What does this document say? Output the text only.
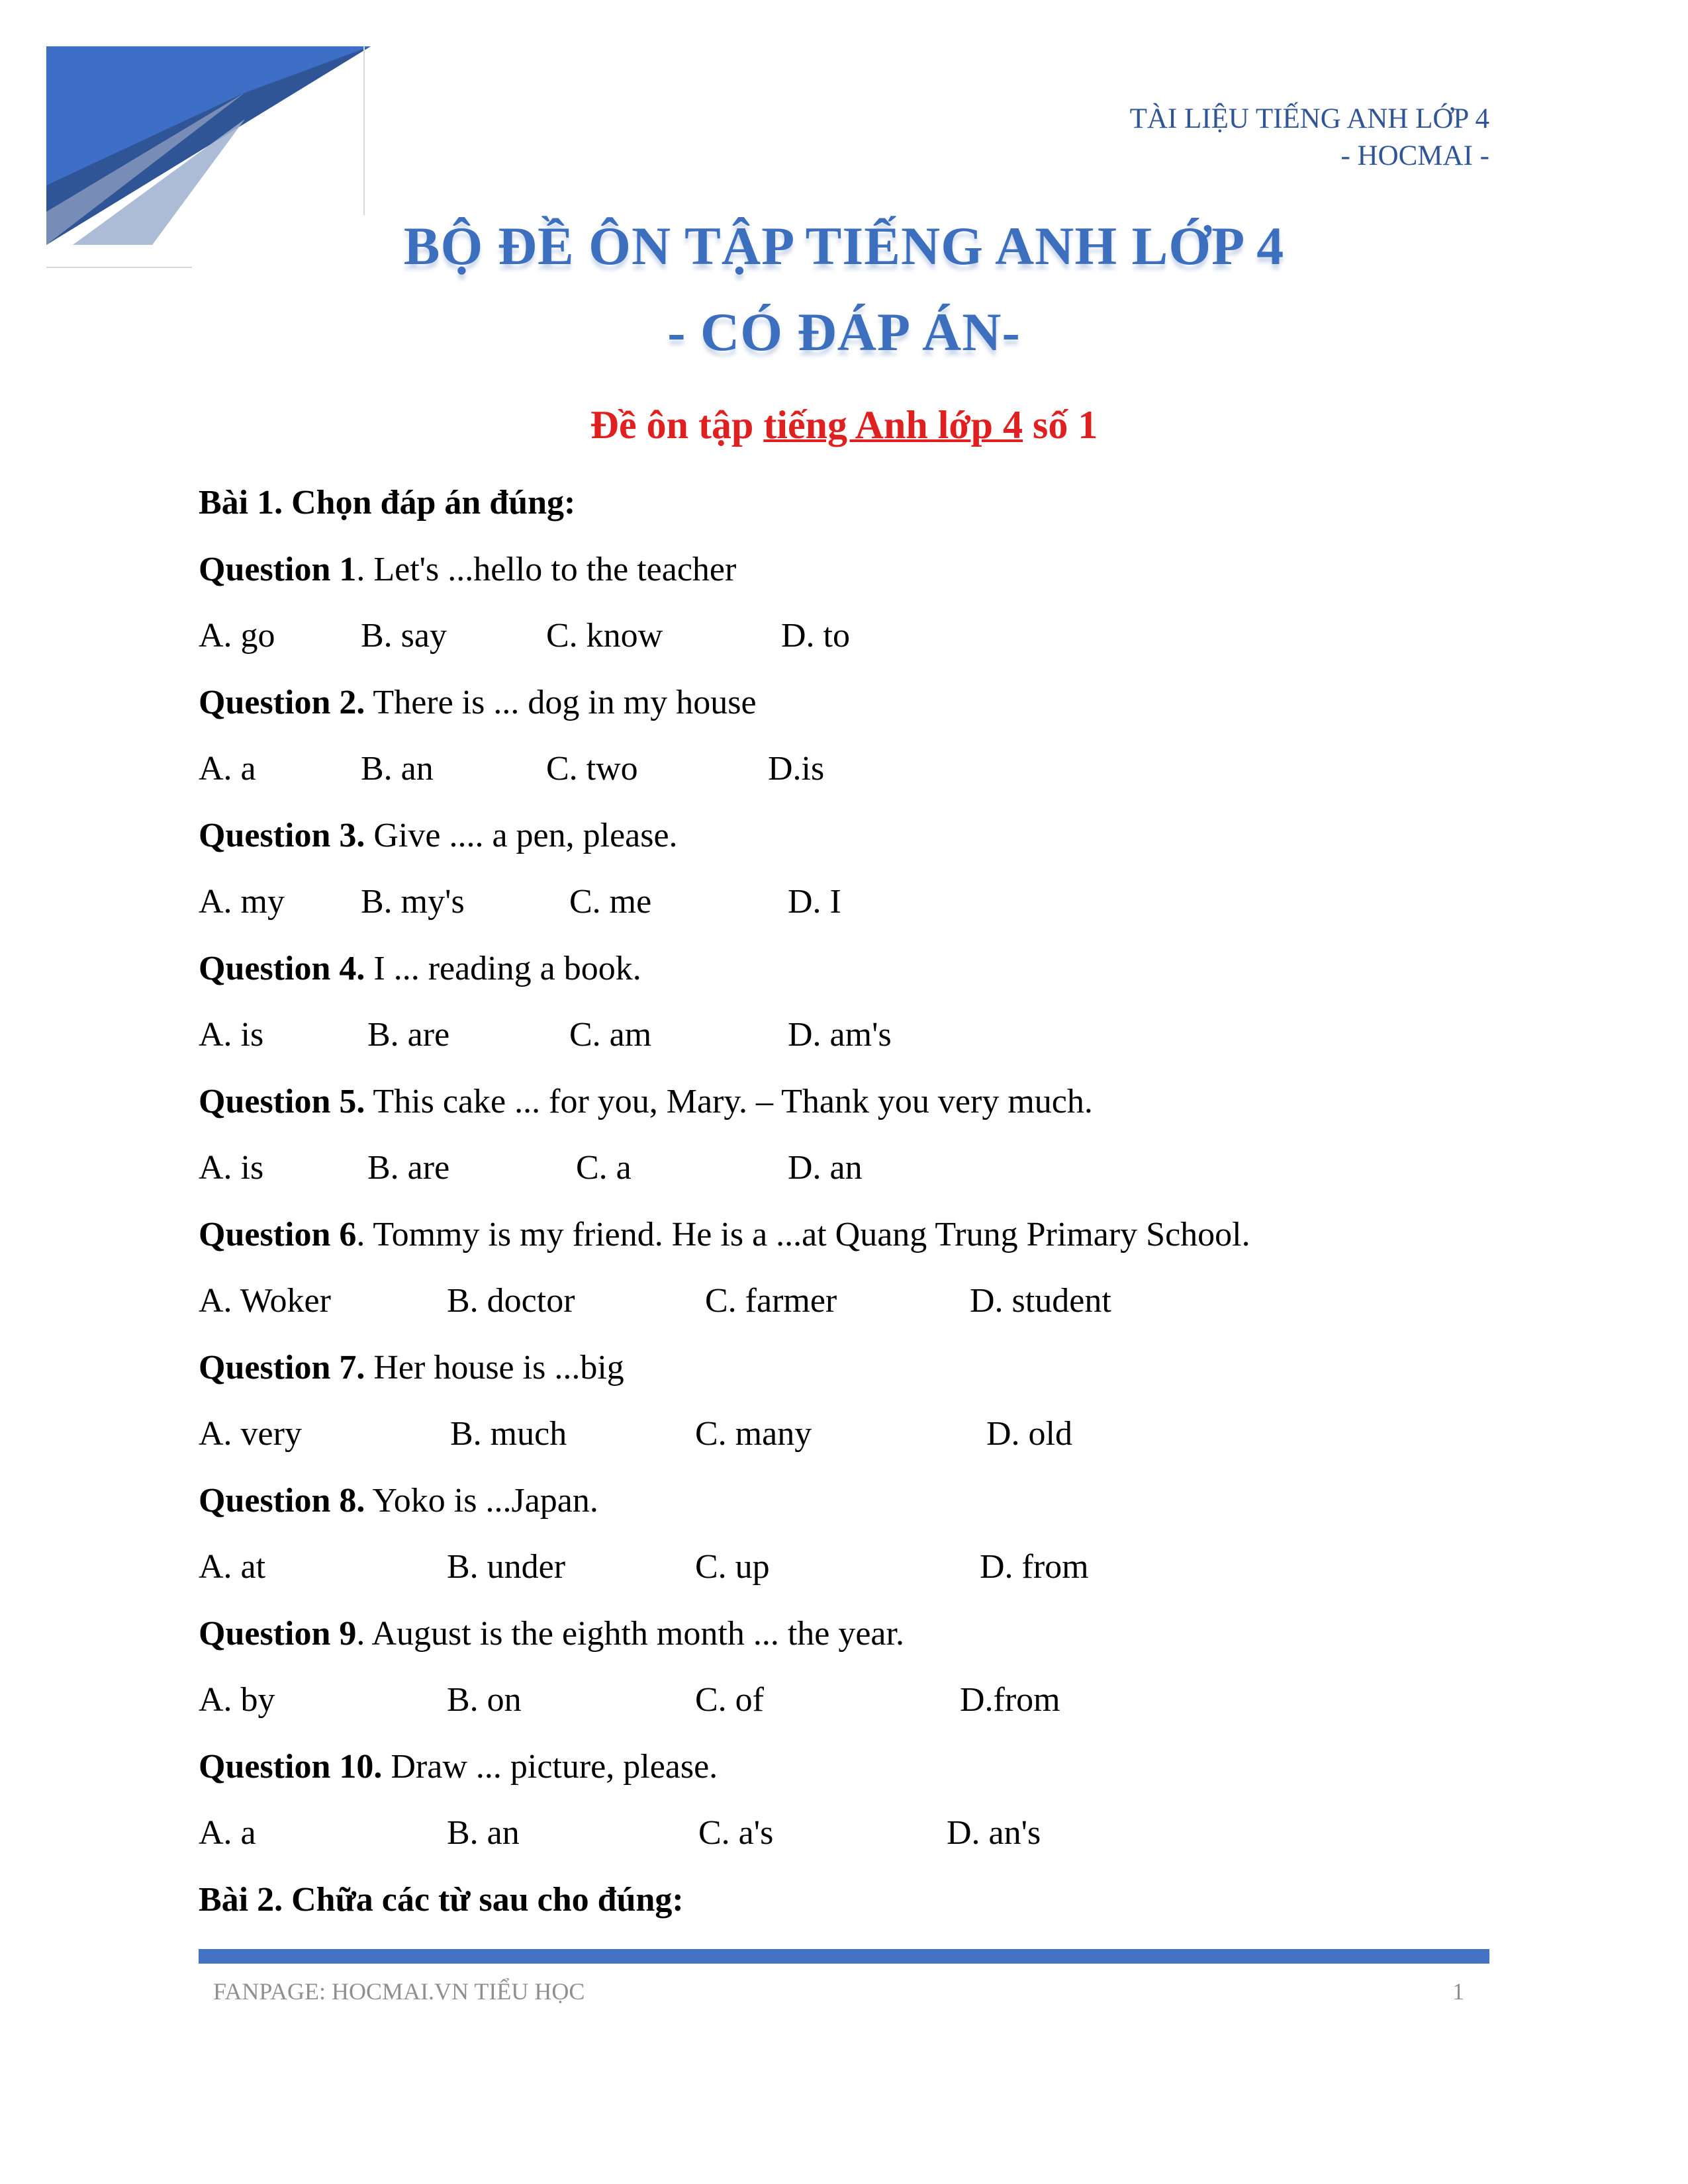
TÀI LIỆU TIẾNG ANH LỚP 4
- HOCMAI -
BỘ ĐỀ ÔN TẬP TIẾNG ANH LỚP 4
- CÓ ĐÁP ÁN-
Đề ôn tập tiếng Anh lớp 4 số 1
Bài 1. Chọn đáp án đúng:
Question 1. Let's ...hello to the teacher
A. go B. say	C. know	D. to
Question 2. There is ... dog in my house
A. a	B. an	C. two	D.is
Question 3. Give .... a pen, please.
A. my B. my's	C. me	D. I
Question 4. I ... reading a book.
A. is	B. are	C. am	D. am's
Question 5. This cake ... for you, Mary. – Thank you very much.
A. is	B. are	C. a	D. an
Question 6. Tommy is my friend. He is a ...at Quang Trung Primary School.
A. Woker	B. doctor	C. farmer	D. student
Question 7. Her house is ...big
A. very	B. much	C. many	D. old
Question 8. Yoko is ...Japan.
A. at	B. under	C. up	D. from
Question 9. August is the eighth month ... the year.
A. by	B. on	C. of	D.from
Question 10. Draw ... picture, please.
A. a	B. an	C. a's	D. an's
Bài 2. Chữa các từ sau cho đúng:
FANPAGE: HOCMAI.VN TIỂU HỌC	1
